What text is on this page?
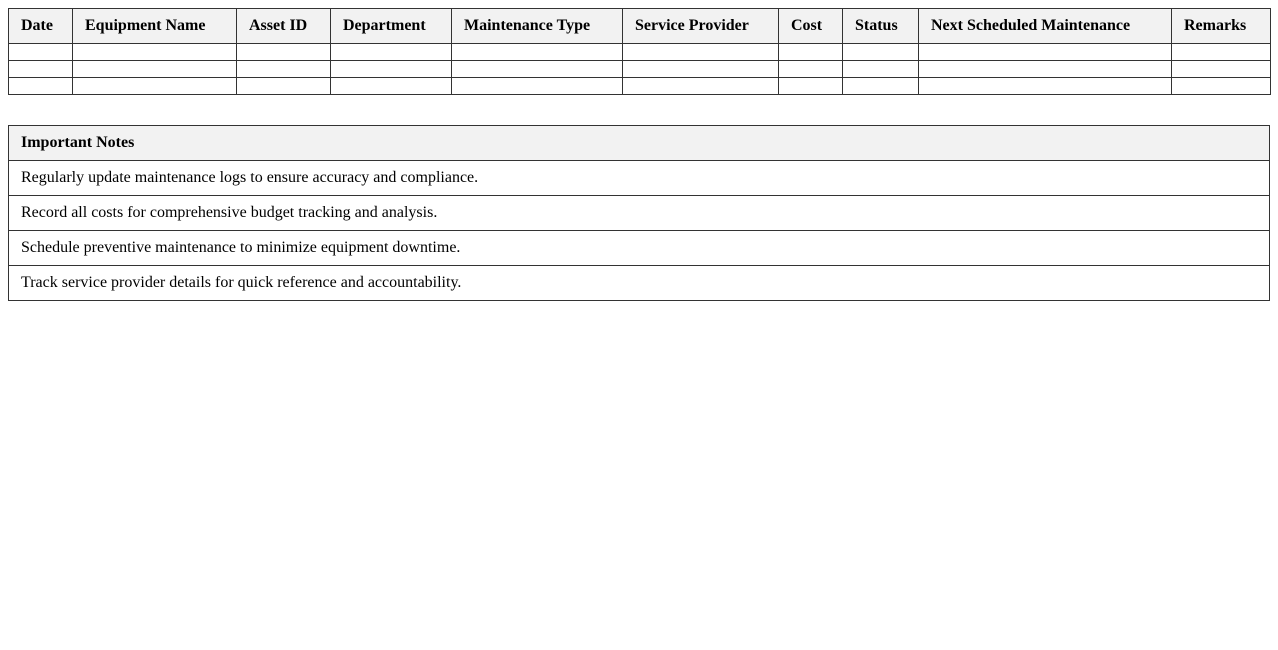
Date	Equipment Name	Asset ID	Department	Maintenance Type	Service Provider	Cost	Status	Next Scheduled Maintenance	Remarks

Important Notes
Regularly update maintenance logs to ensure accuracy and compliance.
Record all costs for comprehensive budget tracking and analysis.
Schedule preventive maintenance to minimize equipment downtime.
Track service provider details for quick reference and accountability.
